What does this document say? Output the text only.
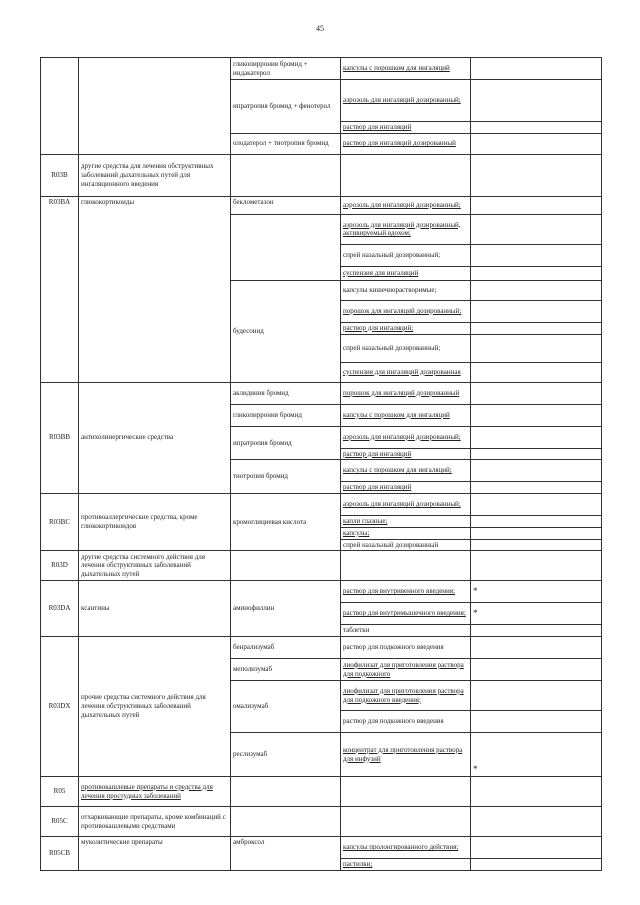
45
		гликопиррония бромид + индакатерол	капсулы с порошком для ингаляций	
		ипратропия бромид + фенотерол	аэрозоль для ингаляций дозированный;	
			раствор для ингаляций	
		олодатерол + тиотропия бромид	раствор для ингаляций дозированный	
R03B	другие средства для лечения обструктивных заболеваний дыхательных путей для ингаляционного введения			
R03BA	глюкокортикоиды	беклометазон	аэрозоль для ингаляций дозированный;	
			аэрозоль для ингаляций дозированный, активируемый вдохом;	
			спрей назальный дозированный;	
			суспензия для ингаляций	
		будесонид	капсулы кишечнорастворимые;	
			порошок для ингаляций дозированный;	
			раствор для ингаляций;	
			спрей назальный дозированный;	
			суспензия для ингаляций дозированная	
R03BB	антихолинергические средства	аклидиния бромид	порошок для ингаляций дозированный	
		гликопиррония бромид	капсулы с порошком для ингаляций	
		ипратропия бромид	аэрозоль для ингаляций дозированный;	
			раствор для ингаляций	
		тиотропия бромид	капсулы с порошком для ингаляций;	
			раствор для ингаляций	
R03BC	противоаллергические средства, кроме глюкокортикоидов	кромоглициевая кислота	аэрозоль для ингаляций дозированный;	
			капли глазные;	
			капсулы;	
			спрей назальный дозированный	
R03D	другие средства системного действия для лечения обструктивных заболеваний дыхательных путей			
R03DA	ксантины	аминофиллин	раствор для внутривенного введения;	*
			раствор для внутримышечного введения;	*
			таблетки	
R03DX	прочие средства системного действия для лечения обструктивных заболеваний дыхательных путей	бенрализумаб	раствор для подкожного введения	
		меполизумаб	лиофилизат для приготовления раствора для подкожного	
		омализумаб	лиофилизат для приготовления раствора для подкожного введения;	
			раствор для подкожного введения	
		реслизумаб	концентрат для приготовления раствора для инфузий	*
R05	противокашлевые препараты и средства для лечения простудных заболеваний			
R05C	отхаркивающие препараты, кроме комбинаций с противокашлевыми средствами			
R05CB	муколитические препараты	амброксол	капсулы пролонгированного действия;	
			пастилки;	
